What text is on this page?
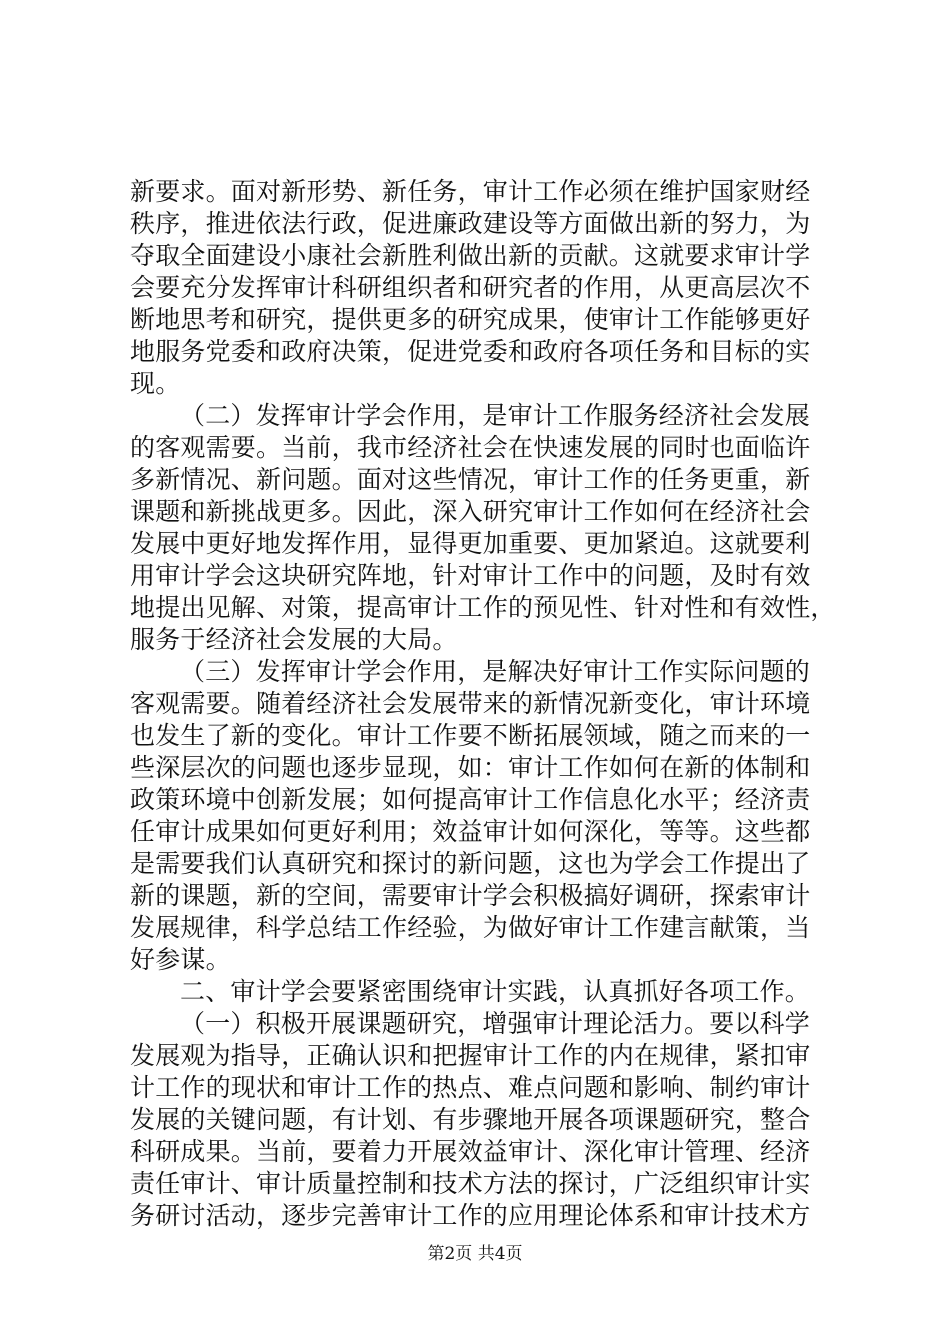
新要求。面对新形势、新任务，审计工作必须在维护国家财经
秩序，推进依法行政，促进廉政建设等方面做出新的努力，为
夺取全面建设小康社会新胜利做出新的贡献。这就要求审计学
会要充分发挥审计科研组织者和研究者的作用，从更高层次不
断地思考和研究，提供更多的研究成果，使审计工作能够更好
地服务党委和政府决策，促进党委和政府各项任务和目标的实
现。
（二）发挥审计学会作用，是审计工作服务经济社会发展
的客观需要。当前，我市经济社会在快速发展的同时也面临许
多新情况、新问题。面对这些情况，审计工作的任务更重，新
课题和新挑战更多。因此，深入研究审计工作如何在经济社会
发展中更好地发挥作用，显得更加重要、更加紧迫。这就要利
用审计学会这块研究阵地，针对审计工作中的问题，及时有效
地提出见解、对策，提高审计工作的预见性、针对性和有效性，
服务于经济社会发展的大局。
（三）发挥审计学会作用，是解决好审计工作实际问题的
客观需要。随着经济社会发展带来的新情况新变化，审计环境
也发生了新的变化。审计工作要不断拓展领域，随之而来的一
些深层次的问题也逐步显现，如：审计工作如何在新的体制和
政策环境中创新发展；如何提高审计工作信息化水平；经济责
任审计成果如何更好利用；效益审计如何深化，等等。这些都
是需要我们认真研究和探讨的新问题，这也为学会工作提出了
新的课题，新的空间，需要审计学会积极搞好调研，探索审计
发展规律，科学总结工作经验，为做好审计工作建言献策，当
好参谋。
二、审计学会要紧密围绕审计实践，认真抓好各项工作。
（一）积极开展课题研究，增强审计理论活力。要以科学
发展观为指导，正确认识和把握审计工作的内在规律，紧扣审
计工作的现状和审计工作的热点、难点问题和影响、制约审计
发展的关键问题，有计划、有步骤地开展各项课题研究，整合
科研成果。当前，要着力开展效益审计、深化审计管理、经济
责任审计、审计质量控制和技术方法的探讨，广泛组织审计实
务研讨活动，逐步完善审计工作的应用理论体系和审计技术方
第2页 共4页
